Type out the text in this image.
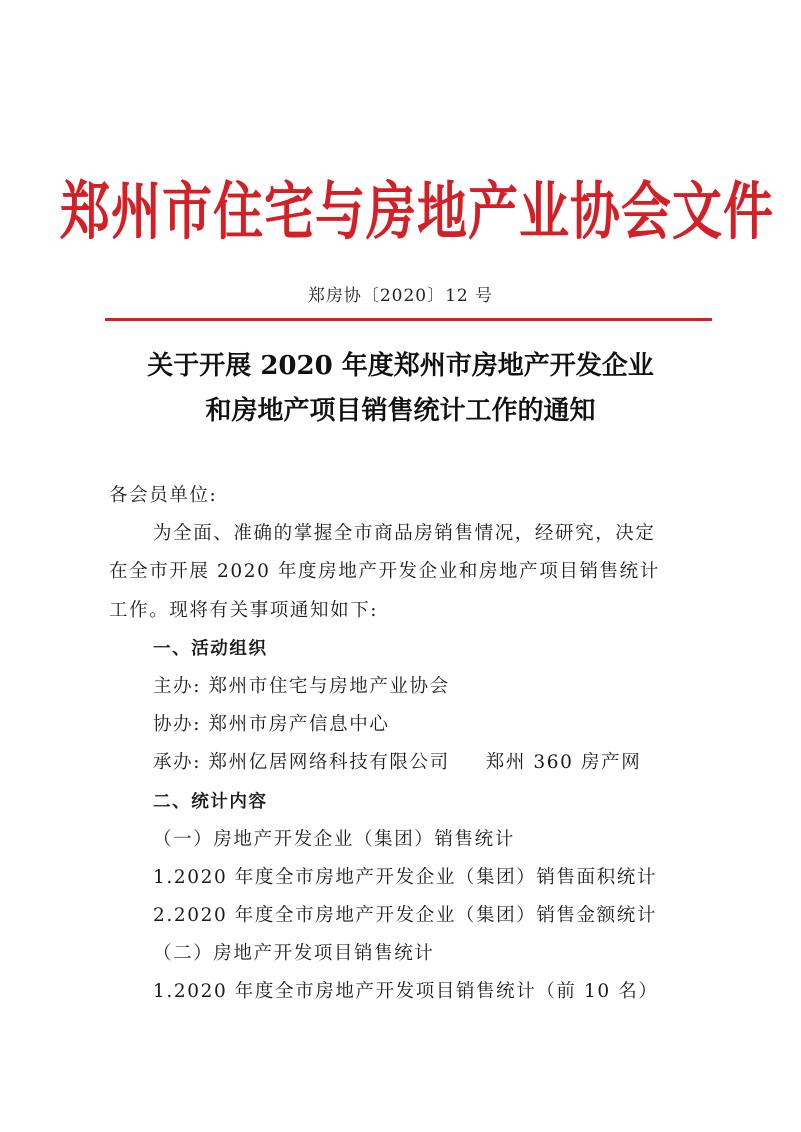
郑州市住宅与房地产业协会文件
郑房协〔2020〕12 号
关于开展 2020 年度郑州市房地产开发企业
和房地产项目销售统计工作的通知
各会员单位:
为全面、准确的掌握全市商品房销售情况，经研究，决定
在全市开展 2020 年度房地产开发企业和房地产项目销售统计
工作。现将有关事项通知如下:
一、活动组织
主办: 郑州市住宅与房地产业协会
协办: 郑州市房产信息中心
承办: 郑州亿居网络科技有限公司 郑州 360 房产网
二、统计内容
（一）房地产开发企业（集团）销售统计
1.2020 年度全市房地产开发企业（集团）销售面积统计
2.2020 年度全市房地产开发企业（集团）销售金额统计
（二）房地产开发项目销售统计
1.2020 年度全市房地产开发项目销售统计（前 10 名）
